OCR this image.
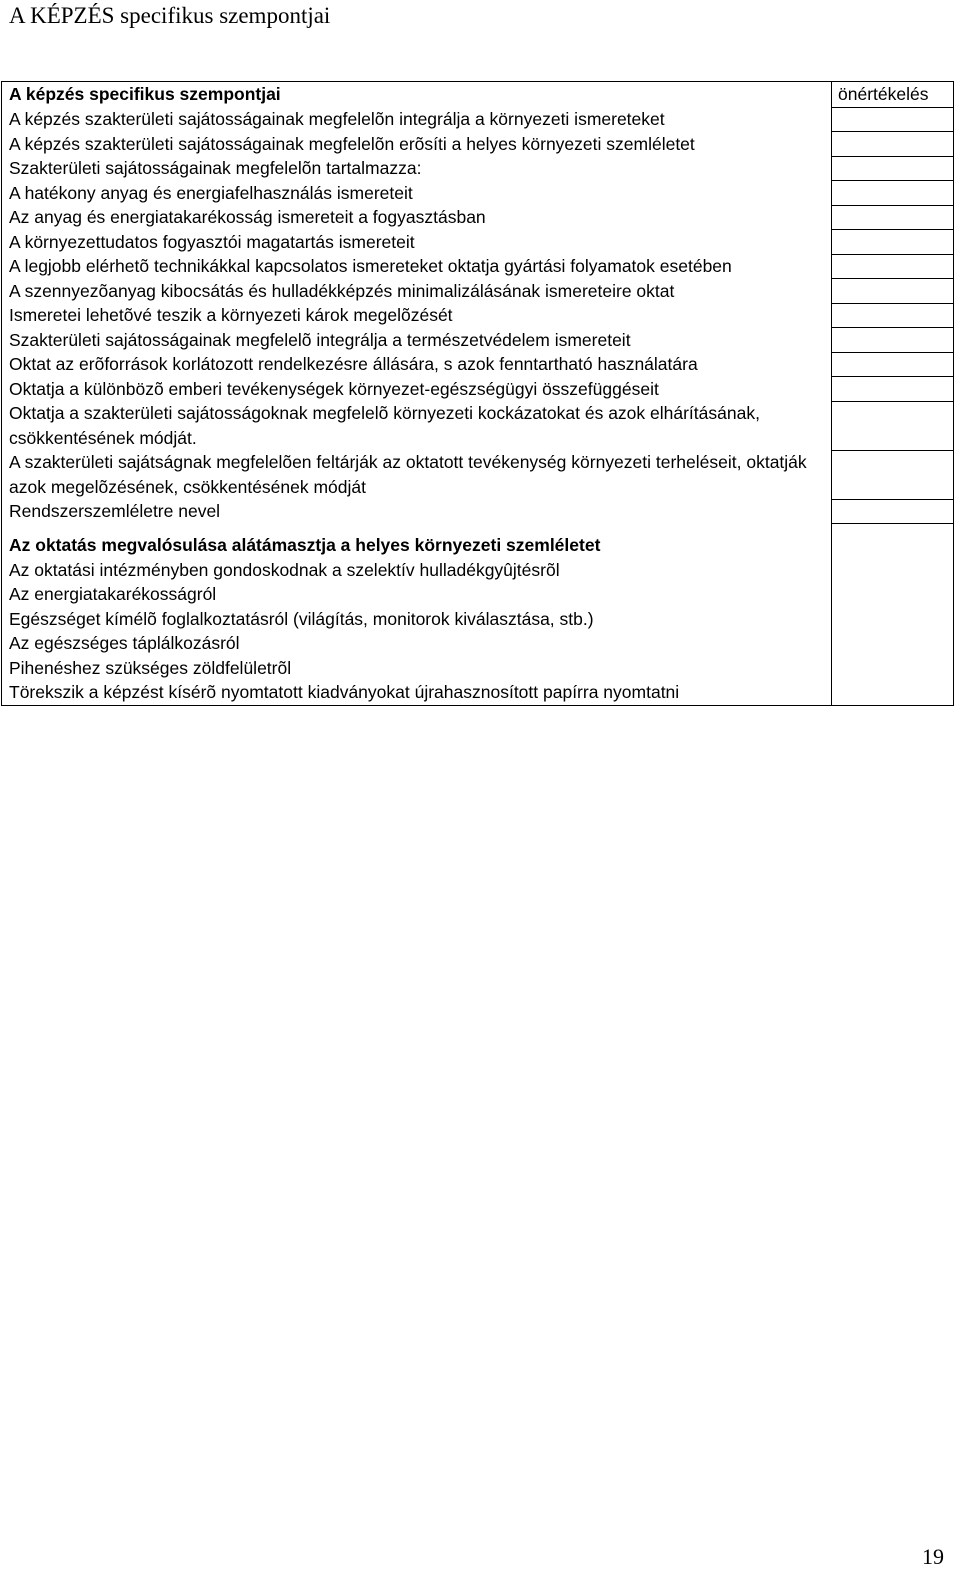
A KÉPZÉS specifikus szempontjai
A képzés specifikus szempontjai	önértékelés
A képzés szakterületi sajátosságainak megfelelõn integrálja a környezeti ismereteket	
A képzés szakterületi sajátosságainak megfelelõn erõsíti a helyes környezeti szemléletet	
Szakterületi sajátosságainak megfelelõn tartalmazza:	
A hatékony anyag és energiafelhasználás ismereteit	
Az anyag és energiatakarékosság ismereteit a fogyasztásban	
A környezettudatos fogyasztói magatartás ismereteit	
A legjobb elérhetõ technikákkal kapcsolatos ismereteket oktatja gyártási folyamatok esetében	
A szennyezõanyag kibocsátás és hulladékképzés minimalizálásának ismereteire oktat	
Ismeretei lehetõvé teszik a környezeti károk megelõzését	
Szakterületi sajátosságainak megfelelõ integrálja a természetvédelem ismereteit	
Oktat az erõforrások korlátozott rendelkezésre állására, s azok fenntartható használatára	
Oktatja a különbözõ emberi tevékenységek környezet-egészségügyi összefüggéseit	
Oktatja a szakterületi sajátosságoknak megfelelõ környezeti kockázatokat és azok elhárításának, csökkentésének módját.	
A szakterületi sajátságnak megfelelõen feltárják az oktatott tevékenység környezeti terheléseit, oktatják azok megelõzésének, csökkentésének módját	
Rendszerszemléletre nevel	

Az oktatás megvalósulása alátámasztja a helyes környezeti szemléletet	
Az oktatási intézményben gondoskodnak a szelektív hulladékgyûjtésrõl	
Az energiatakarékosságról	
Egészséget kímélõ foglalkoztatásról (világítás, monitorok kiválasztása, stb.)	
Az egészséges táplálkozásról	
Pihenéshez szükséges zöldfelületrõl	
Törekszik a képzést kísérõ nyomtatott kiadványokat újrahasznosított papírra nyomtatni	
19
